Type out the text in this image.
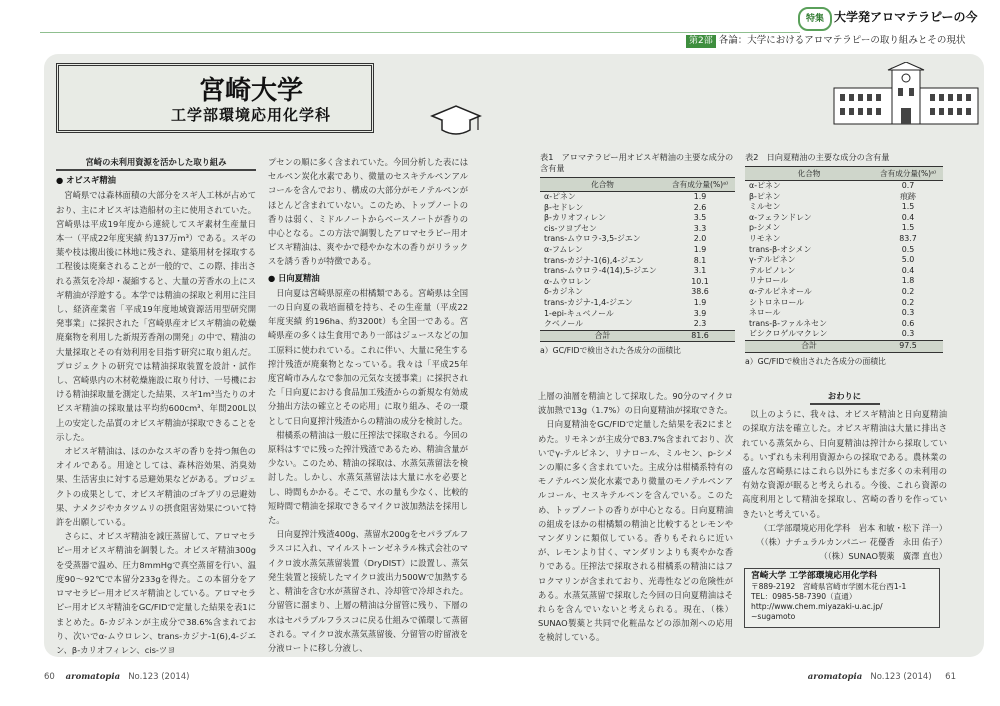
特集 大学発アロマテラピーの今
第2部 各論：大学におけるアロマテラピーの取り組みとその現状
宮崎大学
工学部環境応用化学科
宮崎の未利用資源を活かした取り組み
● オビスギ精油

宮崎県では森林面積の大部分をスギ人工林が占めており、主にオビスギは造船材の主に使用されていた。宮崎県は平成19年度から連続してスギ素材生産量日本一（平成22年度実績 約137万m³）である。スギの葉や枝は搬出後に林地に残され、建築用材を採取する工程後は廃棄されることが一般的で、この際、排出される蒸気を冷却・凝縮すると、大量の芳香水の上にスギ精油が浮遊する。本学では精油の採取と利用に注目し、経済産業省「平成19年度地域資源活用型研究開発事業」に採択された「宮崎県産オビスギ精油の乾燥廃棄物を利用した新規芳香剤の開発」の中で、精油の大量採取とその有効利用を目指す研究に取り組んだ。プロジェクトの研究では精油採取装置を設計・試作し、宮崎県内の木材乾燥施設に取り付け、一号機における精油採取量を測定した結果、スギ1m³当たりのオビスギ精油の採取量は平均約600cm³、年間200L以上の安定した品質のオビスギ精油が採取できることを示した。

オビスギ精油は、ほのかなスギの香りを持つ無色のオイルである。用途としては、森林浴効果、消臭効果、生活害虫に対する忌避効果などがある。プロジェクトの成果として、オビスギ精油のゴキブリの忌避効果、ナメクジやカタツムリの摂食阻害効果について特許を出願している。

さらに、オビスギ精油を減圧蒸留して、アロマセラピー用オビスギ精油を調製した。オビスギ精油300gを受蒸器で温め、圧力8mmHgで真空蒸留を行い、温度90〜92℃で本留分233gを得た。この本留分をアロマセラピー用オビスギ精油としている。アロマセラピー用オビスギ精油をGC/FIDで定量した結果を表1にまとめた。δ-カジネンが主成分で38.6%含まれており、次いでα-ムウロレン、trans-カジナ-1(6),4-ジエン、β-カリオフィレン、cis-ツヨ

プセンの順に多く含まれていた。今回分析した表にはセルペン炭化水素であり、微量のセスキテルペンアルコールを含んでおり、構成の大部分がモノテルペンがほとんど含まれていない。このため、トップノートの香りは弱く、ミドルノートからベースノートが香りの中心となる。この方法で調製したアロマセラピー用オビスギ精油は、爽やかで穏やかな木の香りがリラックスを誘う香りが特徴である。

● 日向夏精油

日向夏は宮崎県原産の柑橘類である。宮崎県は全国一の日向夏の栽培面積を持ち、その生産量（平成22年度実績 約196ha、約3200t）も全国一である。宮崎県産の多くは生食用であり一部はジュースなどの加工原料に使われている。これに伴い、大量に発生する搾汁残渣が廃棄物となっている。我々は「平成25年度宮崎市みんなで参加の元気な支援事業」に採択された「日向夏における食品加工残渣からの新規な有効成分抽出方法の確立とその応用」に取り組み、その一環として日向夏搾汁残渣からの精油の成分を検討した。

柑橘系の精油は一般に圧搾法で採取される。今回の原料はすでに残った搾汁残渣であるため、精油含量が少ない。このため、精油の採取は、水蒸気蒸留法を検討した。しかし、水蒸気蒸留法は大量に水を必要とし、時間もかかる。そこで、水の量も少なく、比較的短時間で精油を採取できるマイクロ波加熱法を採用した。

日向夏搾汁残渣400g、蒸留水200gをセパラブルフラスコに入れ、マイルストーンゼネラル株式会社のマイクロ波水蒸気蒸留装置（DryDIST）に設置し、蒸気発生装置と接続したマイクロ波出力500Wで加熱すると、精油を含む水が蒸留され、冷却管で冷却された。分留管に溜まり、上層の精油は分留管に残り、下層の水はセパラブルフラスコに戻る仕組みで循環して蒸留される。マイクロ波水蒸気蒸留後、分留管の貯留液を分液ロートに移し分液し、

表1　アロマテラピー用オビスギ精油の主要な成分の含有量
化合物	含有成分量(%)ᵃ⁾
α-ピネン	1.9
β-セドレン	2.6
β-カリオフィレン	3.5
cis-ツヨプセン	3.3
trans-ムウロラ-3,5-ジエン	2.0
α-フムレン	1.9
trans-カジナ-1(6),4-ジエン	8.1
trans-ムウロラ-4(14),5-ジエン	3.1
α-ムウロレン	10.1
δ-カジネン	38.6
trans-カジナ-1,4-ジエン	1.9
1-epi-キュベノール	3.9
クベノール	2.3
合計	81.6
a）GC/FIDで検出された各成分の面積比
表2　日向夏精油の主要な成分の含有量
化合物	含有成分量(%)ᵃ⁾
α-ピネン	0.7
β-ピネン	痕跡
ミルセン	1.5
α-フェランドレン	0.4
p-シメン	1.5
リモネン	83.7
trans-β-オシメン	0.5
γ-テルピネン	5.0
テルピノレン	0.4
リナロール	1.8
α-テルピネオール	0.2
シトロネロール	0.2
ネロール	0.3
trans-β-ファルネセン	0.6
ビシクロゲルマクレン	0.3
合計	97.5
a）GC/FIDで検出された各成分の面積比

上層の油層を精油として採取した。90分のマイクロ波加熱で13g（1.7%）の日向夏精油が採取できた。

日向夏精油をGC/FIDで定量した結果を表2にまとめた。リモネンが主成分で83.7%含まれており、次いでγ-テルピネン、リナロール、ミルセン、p-シメンの順に多く含まれていた。主成分は柑橘系特有のモノテルペン炭化水素であり微量のモノテルペンアルコール、セスキテルペンを含んでいる。このため、トップノートの香りが中心となる。日向夏精油の組成をほかの柑橘類の精油と比較するとレモンやマンダリンに類似している。香りもそれらに近いが、レモンより甘く、マンダリンよりも爽やかな香りである。圧搾法で採取される柑橘系の精油にはフロクマリンが含まれており、光毒性などの危険性がある。水蒸気蒸留で採取した今回の日向夏精油はそれらを含んでいないと考えられる。現在、（株）SUNAO製薬と共同で化粧品などの添加剤への応用を検討している。

おわりに

以上のように、我々は、オビスギ精油と日向夏精油の採取方法を確立した。オビスギ精油は大量に排出されている蒸気から、日向夏精油は搾汁から採取している。いずれも未利用資源からの採取である。農林業の盛んな宮崎県にはこれら以外にもまだ多くの未利用の有効な資源が眠ると考えられる。今後、これら資源の高度利用として精油を採取し、宮崎の香りを作っていきたいと考えている。

（工学部環境応用化学科　岩本 和敏・松下 洋一）
（（株）ナチュラルカンパニー 花優香　永田 佑子）
（（株）SUNAO製薬　廣澤 直也）
宮崎大学 工学部環境応用化学科
〒889-2192　宮崎県宮崎市学園木花台西1-1
TEL：0985-58-7390（直通）
http://www.chem.miyazaki-u.ac.jp/
~sugamoto
60 aromatopia No.123 (2014)	aromatopia No.123 (2014) 61
